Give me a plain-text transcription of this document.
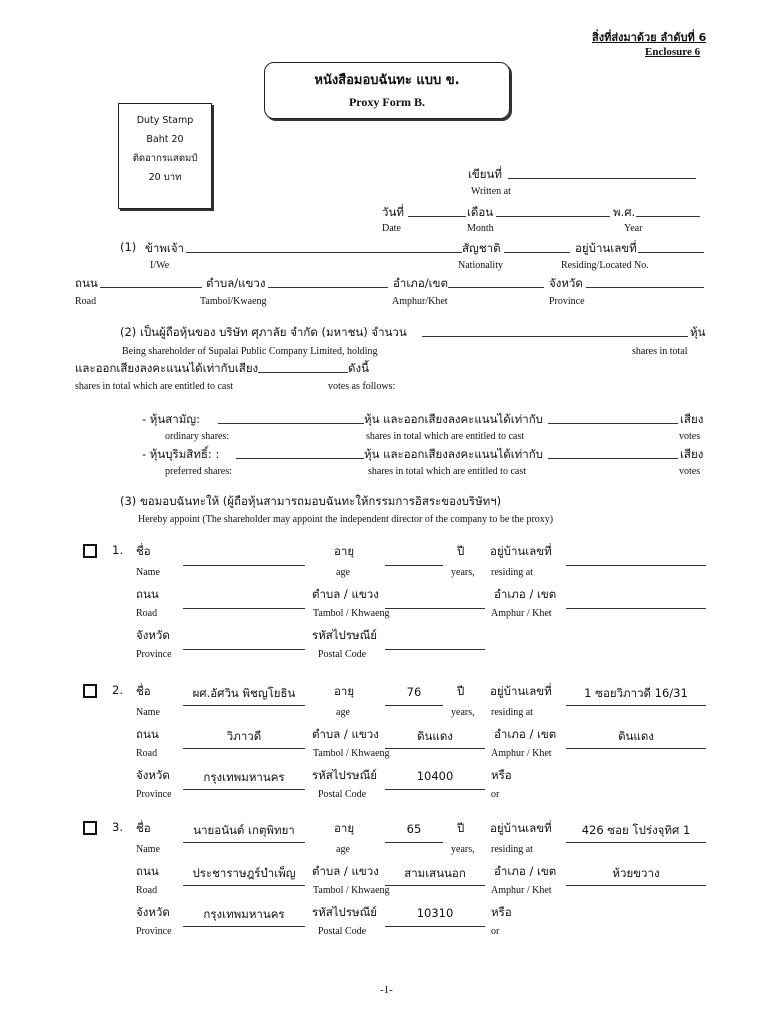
สิ่งที่ส่งมาด้วย ลำดับที่ 6
Enclosure 6
หนังสือมอบฉันทะ แบบ ข.
Proxy Form B.
Duty Stamp
Baht 20
ติดอากรแสตมป์
20 บาท	เขียนที่
Written at
วันที่	เดือน	พ.ศ.
Date	Month	Year
(1) ข้าพเจ้า	สัญชาติ	อยู่บ้านเลขที่
I/We	Nationality	Residing/Located No.
ถนน	ตำบล/แขวง	อำเภอ/เขต	จังหวัด
Road	Tambol/Kwaeng	Amphur/Khet	Province
(2) เป็นผู้ถือหุ้นของ บริษัท ศุภาลัย จำกัด (มหาชน) จำนวน	หุ้น
Being shareholder of Supalai Public Company Limited, holding	shares in total
และออกเสียงลงคะแนนได้เท่ากับเสียง	ดังนี้
shares in total which are entitled to cast	votes as follows:
- หุ้นสามัญ:	หุ้น และออกเสียงลงคะแนนได้เท่ากับ	เสียง
ordinary shares:	shares in total which are entitled to cast	votes
- หุ้นบุริมสิทธิ์: :	หุ้น และออกเสียงลงคะแนนได้เท่ากับ	เสียง
preferred shares:	shares in total which are entitled to cast	votes
(3) ขอมอบฉันทะให้ (ผู้ถือหุ้นสามารถมอบฉันทะให้กรรมการอิสระของบริษัทฯ)
Hereby appoint (The shareholder may appoint the independent director of the company to be the proxy)
1. ชื่อ	อายุ	ปี อยู่บ้านเลขที่
Name	age	years, residing at
ถนน	ตำบล / แขวง	อำเภอ / เขต
Road	Tambol / Khwaeng	Amphur / Khet
จังหวัด	รหัสไปรษณีย์
Province	Postal Code
2. ชื่อ	ผศ.อัศวิน พิชญโยธิน	อายุ	76	ปี อยู่บ้านเลขที่	1 ซอยวิภาวดี 16/31
Name	age	years, residing at
ถนน	วิภาวดี	ตำบล / แขวง	ดินแดง	อำเภอ / เขต	ดินแดง
Road	Tambol / Khwaeng	Amphur / Khet
จังหวัด	กรุงเทพมหานคร	รหัสไปรษณีย์	10400
Province	Postal Code
หรือ
or
3. ชื่อ	นายอนันต์ เกตุพิทยา	อายุ	65	ปี อยู่บ้านเลขที่	426 ซอย โปร่งจุทิศ 1
Name	age	years, residing at
ถนน	ประชาราษฎร์บำเพ็ญ	ตำบล / แขวง	สามเสนนอก	อำเภอ / เขต	ห้วยขวาง
Road	Tambol / Khwaeng	Amphur / Khet
จังหวัด	กรุงเทพมหานคร	รหัสไปรษณีย์	10310
Province	Postal Code
หรือ
or
-1-
